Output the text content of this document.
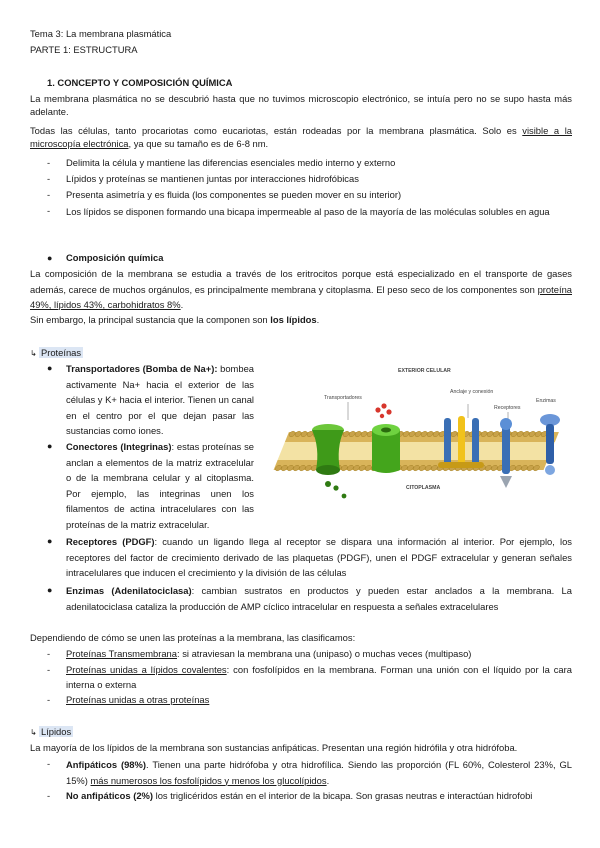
Tema 3: La membrana plasmática
PARTE 1: ESTRUCTURA
1. CONCEPTO Y COMPOSICIÓN QUÍMICA
La membrana plasmática no se descubrió hasta que no tuvimos microscopio electrónico, se intuía pero no se supo hasta más adelante.
Todas las células, tanto procariotas como eucariotas, están rodeadas por la membrana plasmática. Solo es visible a la microscopía electrónica, ya que su tamaño es de 6-8 nm.
- Delimita la célula y mantiene las diferencias esenciales medio interno y externo
- Lípidos y proteínas se mantienen juntas por interacciones hidrofóbicas
- Presenta asimetría y es fluida (los componentes se pueden mover en su interior)
- Los lípidos se disponen formando una bicapa impermeable al paso de la mayoría de las moléculas solubles en agua
● Composición química
La composición de la membrana se estudia a través de los eritrocitos porque está especializado en el transporte de gases además, carece de muchos orgánulos, es principalmente membrana y citoplasma. El peso seco de los componentes son proteína 49%, lípidos 43%, carbohidratos 8%.
Sin embargo, la principal sustancia que la componen son los lípidos.
↳ Proteínas
● Transportadores (Bomba de Na+): bombea activamente Na+ hacia el exterior de las células y K+ hacia el interior. Tienen un canal en el centro por el que dejan pasar las sustancias como iones.
● Conectores (Integrinas): estas proteínas se anclan a elementos de la matriz extracelular o de la membrana celular y al citoplasma. Por ejemplo, las integrinas unen los filamentos de actina intracelulares con las proteínas de la matriz extracelular.
● Receptores (PDGF): cuando un ligando llega al receptor se dispara una información al interior. Por ejemplo, los receptores del factor de crecimiento derivado de las plaquetas (PDGF), unen el PDGF extracelular y generan señales intracelulares que inducen el crecimiento y la división de las células
● Enzimas (Adenilatociclasa): cambian sustratos en productos y pueden estar anclados a la membrana. La adenilatociclasa cataliza la producción de AMP cíclico intracelular en respuesta a señales extracelulares
EXTERIOR CELULAR
Transportadores
Anclaje y conexión
Receptores
Enzimas
CITOPLASMA
Dependiendo de cómo se unen las proteínas a la membrana, las clasificamos:
- Proteínas Transmembrana: si atraviesan la membrana una (unipaso) o muchas veces (multipaso)
- Proteínas unidas a lípidos covalentes: con fosfolípidos en la membrana. Forman una unión con el líquido por la cara interna o externa
- Proteínas unidas a otras proteínas
↳ Lípidos
La mayoría de los lípidos de la membrana son sustancias anfipáticas. Presentan una región hidrófila y otra hidrófoba.
- Anfipáticos (98%). Tienen una parte hidrófoba y otra hidrofílica. Siendo las proporción (FL 60%, Colesterol 23%, GL 15%) más numerosos los fosfolípidos y menos los glucolípidos.
- No anfipáticos (2%) los triglicéridos están en el interior de la bicapa. Son grasas neutras e interactúan hidrofobi
